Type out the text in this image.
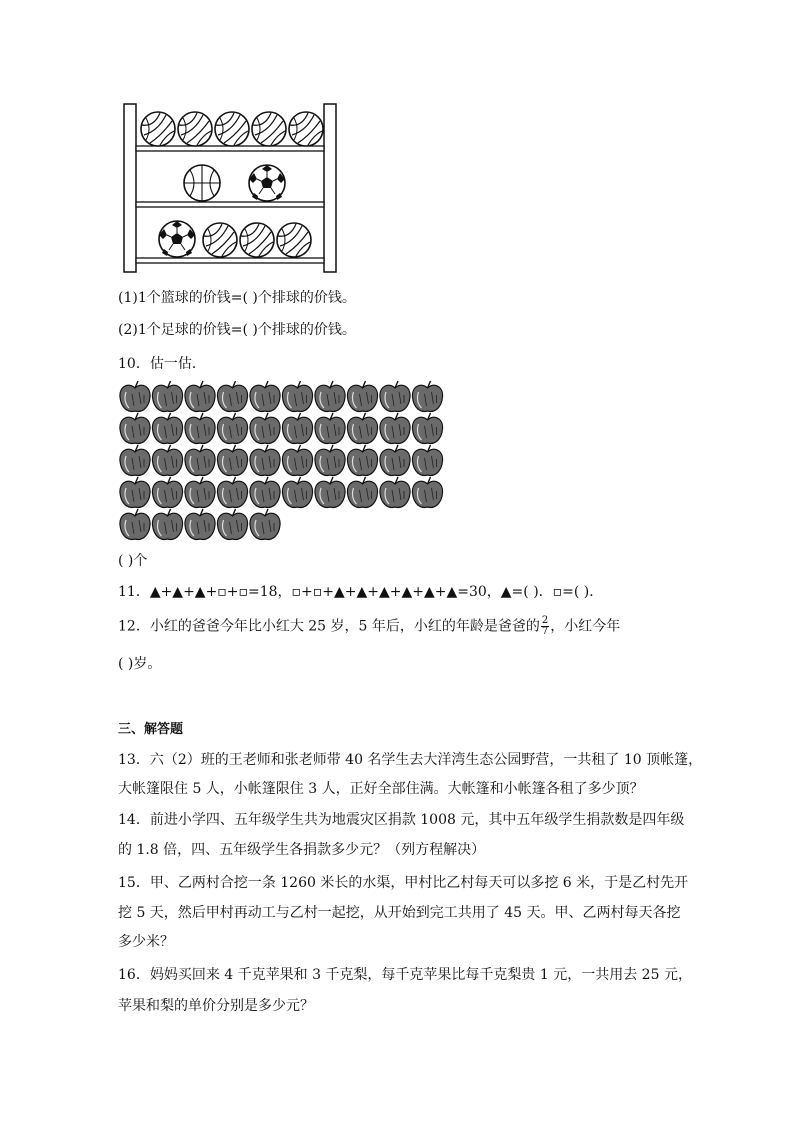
(1)1个篮球的价钱=( )个排球的价钱。
(2)1个足球的价钱=( )个排球的价钱。
10．估一估．
( )个
11．▲+▲+▲+▫+▫=18，▫+▫+▲+▲+▲+▲+▲+▲=30，▲=( )．▫=( )．
12．小红的爸爸今年比小红大 25 岁，5 年后，小红的年龄是爸爸的 $\frac{2}{7}$ ，小红今年
( )岁。
三、解答题
13．六（2）班的王老师和张老师带 40 名学生去大洋湾生态公园野营，一共租了 10 顶帐篷，
大帐篷限住 5 人，小帐篷限住 3 人，正好全部住满。大帐篷和小帐篷各租了多少顶？
14．前进小学四、五年级学生共为地震灾区捐款 1008 元，其中五年级学生捐款数是四年级
的 1.8 倍，四、五年级学生各捐款多少元？（列方程解决）
15．甲、乙两村合挖一条 1260 米长的水渠，甲村比乙村每天可以多挖 6 米，于是乙村先开
挖 5 天，然后甲村再动工与乙村一起挖，从开始到完工共用了 45 天。甲、乙两村每天各挖
多少米？
16．妈妈买回来 4 千克苹果和 3 千克梨，每千克苹果比每千克梨贵 1 元，一共用去 25 元，
苹果和梨的单价分别是多少元？
